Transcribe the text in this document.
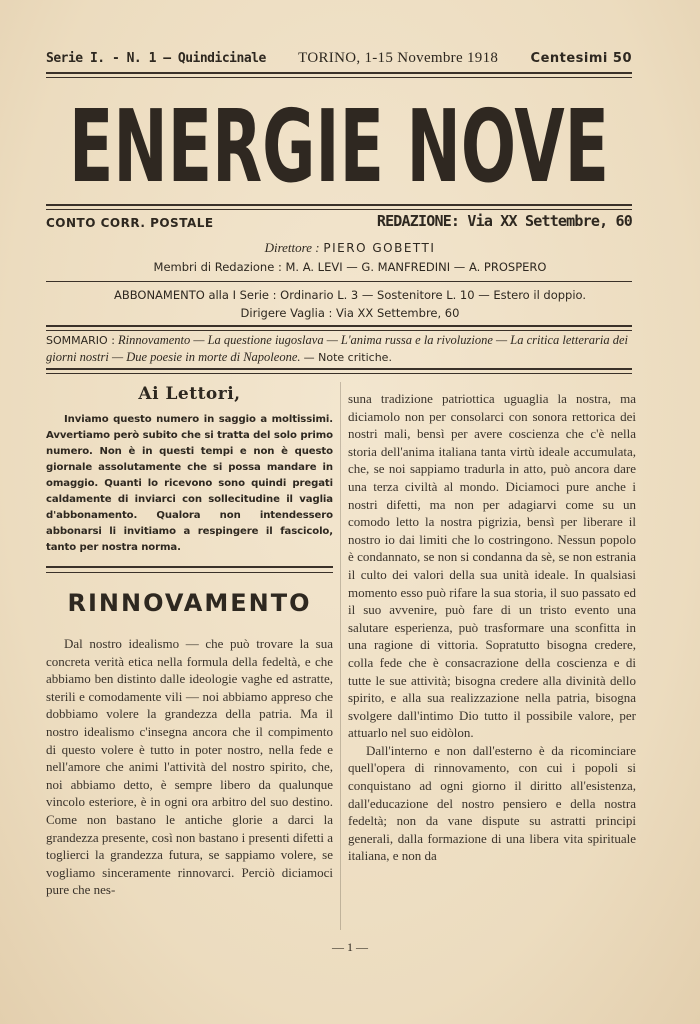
Serie I. - N. 1 — Quindicinale TORINO, 1-15 Novembre 1918 Centesimi 50
ENERGIE NOVE
CONTO CORR. POSTALE	REDAZIONE: Via XX Settembre, 60
Direttore : PIERO GOBETTI
Membri di Redazione : M. A. LEVI — G. MANFREDINI — A. PROSPERO
ABBONAMENTO alla I Serie : Ordinario L. 3 — Sostenitore L. 10 — Estero il doppio.
Dirigere Vaglia : Via XX Settembre, 60
SOMMARIO : Rinnovamento — La questione iugoslava — L'anima russa e la rivoluzione — La critica letteraria dei giorni nostri — Due poesie in morte di Napoleone. — Note critiche.
Ai Lettori,
Inviamo questo numero in saggio a moltissimi. Avvertiamo però subito che si tratta del solo primo numero. Non è in questi tempi e non è questo giornale assolutamente che si possa mandare in omaggio. Quanti lo ricevono sono quindi pregati caldamente di inviarci con sollecitudine il vaglia d'abbonamento. Qualora non intendessero abbonarsi li invitiamo a respingere il fascicolo, tanto per nostra norma.
RINNOVAMENTO

Dal nostro idealismo — che può trovare la sua concreta verità etica nella formula della fedeltà, e che abbiamo ben distinto dalle ideologie vaghe ed astratte, sterili e comodamente vili — noi abbiamo appreso che dobbiamo volere la grandezza della patria. Ma il nostro idealismo c'insegna ancora che il compimento di questo volere è tutto in poter nostro, nella fede e nell'amore che animi l'attività del nostro spirito, che, noi abbiamo detto, è sempre libero da qualunque vincolo esteriore, è in ogni ora arbitro del suo destino. Come non bastano le antiche glorie a darci la grandezza presente, così non bastano i presenti difetti a toglierci la grandezza futura, se sappiamo volere, se vogliamo sinceramente rinnovarci. Perciò diciamoci pure che nes-

suna tradizione patriottica uguaglia la nostra, ma diciamolo non per consolarci con sonora rettorica dei nostri mali, bensì per avere coscienza che c'è nella storia dell'anima italiana tanta virtù ideale accumulata, che, se noi sappiamo tradurla in atto, può ancora dare una terza civiltà al mondo. Diciamoci pure anche i nostri difetti, ma non per adagiarvi come su un comodo letto la nostra pigrizia, bensì per liberare il nostro io dai limiti che lo costringono. Nessun popolo è condannato, se non si condanna da sè, se non estrania il culto dei valori della sua unità ideale. In qualsiasi momento esso può rifare la sua storia, il suo passato ed il suo avvenire, può fare di un tristo evento una salutare esperienza, può trasformare una sconfitta in una ragione di vittoria. Sopratutto bisogna credere, colla fede che è consacrazione della coscienza e di tutte le sue attività; bisogna credere alla divinità dello spirito, e alla sua realizzazione nella patria, bisogna svolgere dall'intimo Dio tutto il possibile valore, per attuarlo nel suo eidòlon.

Dall'interno e non dall'esterno è da ricominciare quell'opera di rinnovamento, con cui i popoli si conquistano ad ogni giorno il diritto all'esistenza, dall'educazione del nostro pensiero e della nostra fedeltà; non da vane dispute su astratti principi generali, dalla formazione di una libera vita spirituale italiana, e non da

— 1 —
